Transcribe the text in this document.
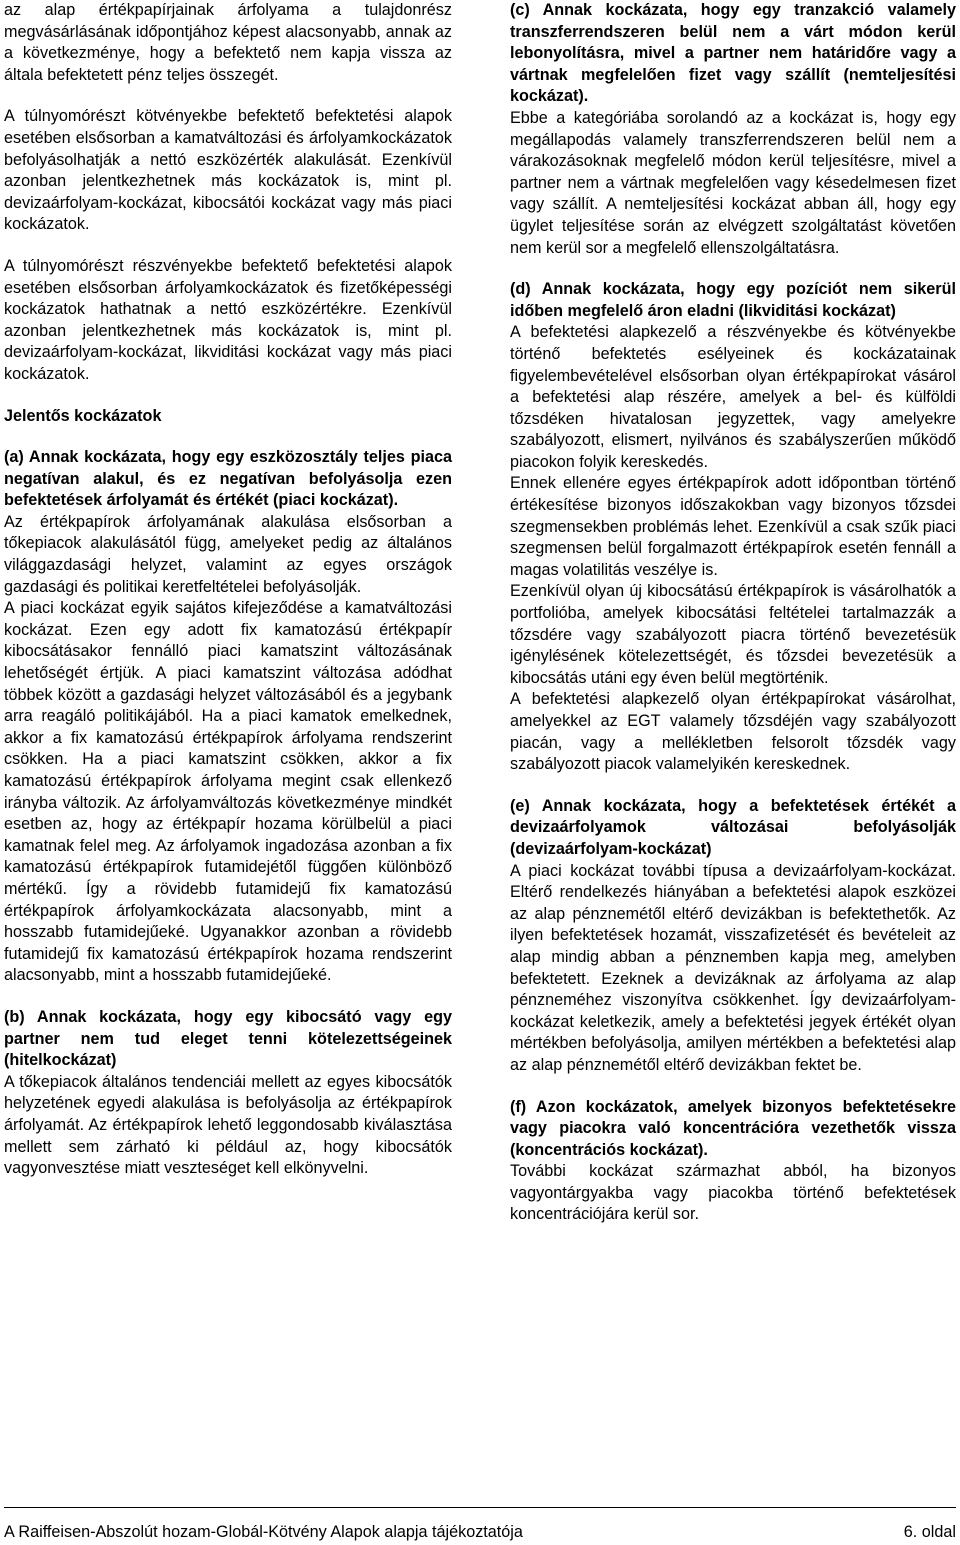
az alap értékpapírjainak árfolyama a tulajdonrész megvásárlásának időpontjához képest alacsonyabb, annak az a következménye, hogy a befektető nem kapja vissza az általa befektetett pénz teljes összegét.

A túlnyomórészt kötvényekbe befektető befektetési alapok esetében elsősorban a kamatváltozási és árfolyamkockázatok befolyásolhatják a nettó eszközérték alakulását. Ezenkívül azonban jelentkezhetnek más kockázatok is, mint pl. devizaárfolyam-kockázat, kibocsátói kockázat vagy más piaci kockázatok.

A túlnyomórészt részvényekbe befektető befektetési alapok esetében elsősorban árfolyamkockázatok és fizetőképességi kockázatok hathatnak a nettó eszközértékre. Ezenkívül azonban jelentkezhetnek más kockázatok is, mint pl. devizaárfolyam-kockázat, likviditási kockázat vagy más piaci kockázatok.

Jelentős kockázatok
(a) Annak kockázata, hogy egy eszközosztály teljes piaca negatívan alakul, és ez negatívan befolyásolja ezen befektetések árfolyamát és értékét (piaci kockázat).

Az értékpapírok árfolyamának alakulása elsősorban a tőkepiacok alakulásától függ, amelyeket pedig az általános világgazdasági helyzet, valamint az egyes országok gazdasági és politikai keretfeltételei befolyásolják.

A piaci kockázat egyik sajátos kifejeződése a kamatváltozási kockázat. Ezen egy adott fix kamatozású értékpapír kibocsátásakor fennálló piaci kamatszint változásának lehetőségét értjük. A piaci kamatszint változása adódhat többek között a gazdasági helyzet változásából és a jegybank arra reagáló politikájából. Ha a piaci kamatok emelkednek, akkor a fix kamatozású értékpapírok árfolyama rendszerint csökken. Ha a piaci kamatszint csökken, akkor a fix kamatozású értékpapírok árfolyama megint csak ellenkező irányba változik. Az árfolyamváltozás következménye mindkét esetben az, hogy az értékpapír hozama körülbelül a piaci kamatnak felel meg. Az árfolyamok ingadozása azonban a fix kamatozású értékpapírok futamidejétől függően különböző mértékű. Így a rövidebb futamidejű fix kamatozású értékpapírok árfolyamkockázata alacsonyabb, mint a hosszabb futamidejűeké. Ugyanakkor azonban a rövidebb futamidejű fix kamatozású értékpapírok hozama rendszerint alacsonyabb, mint a hosszabb futamidejűeké.

(b) Annak kockázata, hogy egy kibocsátó vagy egy partner nem tud eleget tenni kötelezettségeinek (hitelkockázat)

A tőkepiacok általános tendenciái mellett az egyes kibocsátók helyzetének egyedi alakulása is befolyásolja az értékpapírok árfolyamát. Az értékpapírok lehető leggondosabb kiválasztása mellett sem zárható ki például az, hogy kibocsátók vagyonvesztése miatt veszteséget kell elkönyvelni.

(c) Annak kockázata, hogy egy tranzakció valamely transzferrendszeren belül nem a várt módon kerül lebonyolításra, mivel a partner nem határidőre vagy a vártnak megfelelően fizet vagy szállít (nemteljesítési kockázat).

Ebbe a kategóriába sorolandó az a kockázat is, hogy egy megállapodás valamely transzferrendszeren belül nem a várakozásoknak megfelelő módon kerül teljesítésre, mivel a partner nem a vártnak megfelelően vagy késedelmesen fizet vagy szállít. A nemteljesítési kockázat abban áll, hogy egy ügylet teljesítése során az elvégzett szolgáltatást követően nem kerül sor a megfelelő ellenszolgáltatásra.

(d) Annak kockázata, hogy egy pozíciót nem sikerül időben megfelelő áron eladni (likviditási kockázat)

A befektetési alapkezelő a részvényekbe és kötvényekbe történő befektetés esélyeinek és kockázatainak figyelembevételével elsősorban olyan értékpapírokat vásárol a befektetési alap részére, amelyek a bel- és külföldi tőzsdéken hivatalosan jegyzettek, vagy amelyekre szabályozott, elismert, nyilvános és szabályszerűen működő piacokon folyik kereskedés.

Ennek ellenére egyes értékpapírok adott időpontban történő értékesítése bizonyos időszakokban vagy bizonyos tőzsdei szegmensekben problémás lehet. Ezenkívül a csak szűk piaci szegmensen belül forgalmazott értékpapírok esetén fennáll a magas volatilitás veszélye is.

Ezenkívül olyan új kibocsátású értékpapírok is vásárolhatók a portfolióba, amelyek kibocsátási feltételei tartalmazzák a tőzsdére vagy szabályozott piacra történő bevezetésük igénylésének kötelezettségét, és tőzsdei bevezetésük a kibocsátás utáni egy éven belül megtörténik.

A befektetési alapkezelő olyan értékpapírokat vásárolhat, amelyekkel az EGT valamely tőzsdéjén vagy szabályozott piacán, vagy a mellékletben felsorolt tőzsdék vagy szabályozott piacok valamelyikén kereskednek.

(e) Annak kockázata, hogy a befektetések értékét a devizaárfolyamok változásai befolyásolják (devizaárfolyam-kockázat)

A piaci kockázat további típusa a devizaárfolyam-kockázat. Eltérő rendelkezés hiányában a befektetési alapok eszközei az alap pénznemétől eltérő devizákban is befektethetők. Az ilyen befektetések hozamát, visszafizetését és bevételeit az alap mindig abban a pénznemben kapja meg, amelyben befektetett. Ezeknek a devizáknak az árfolyama az alap pénzneméhez viszonyítva csökkenhet. Így devizaárfolyam-kockázat keletkezik, amely a befektetési jegyek értékét olyan mértékben befolyásolja, amilyen mértékben a befektetési alap az alap pénznemétől eltérő devizákban fektet be.

(f) Azon kockázatok, amelyek bizonyos befektetésekre vagy piacokra való koncentrációra vezethetők vissza (koncentrációs kockázat).

További kockázat származhat abból, ha bizonyos vagyontárgyakba vagy piacokba történő befektetések koncentrációjára kerül sor.

A Raiffeisen-Abszolút hozam-Globál-Kötvény Alapok alapja tájékoztatója	6. oldal
